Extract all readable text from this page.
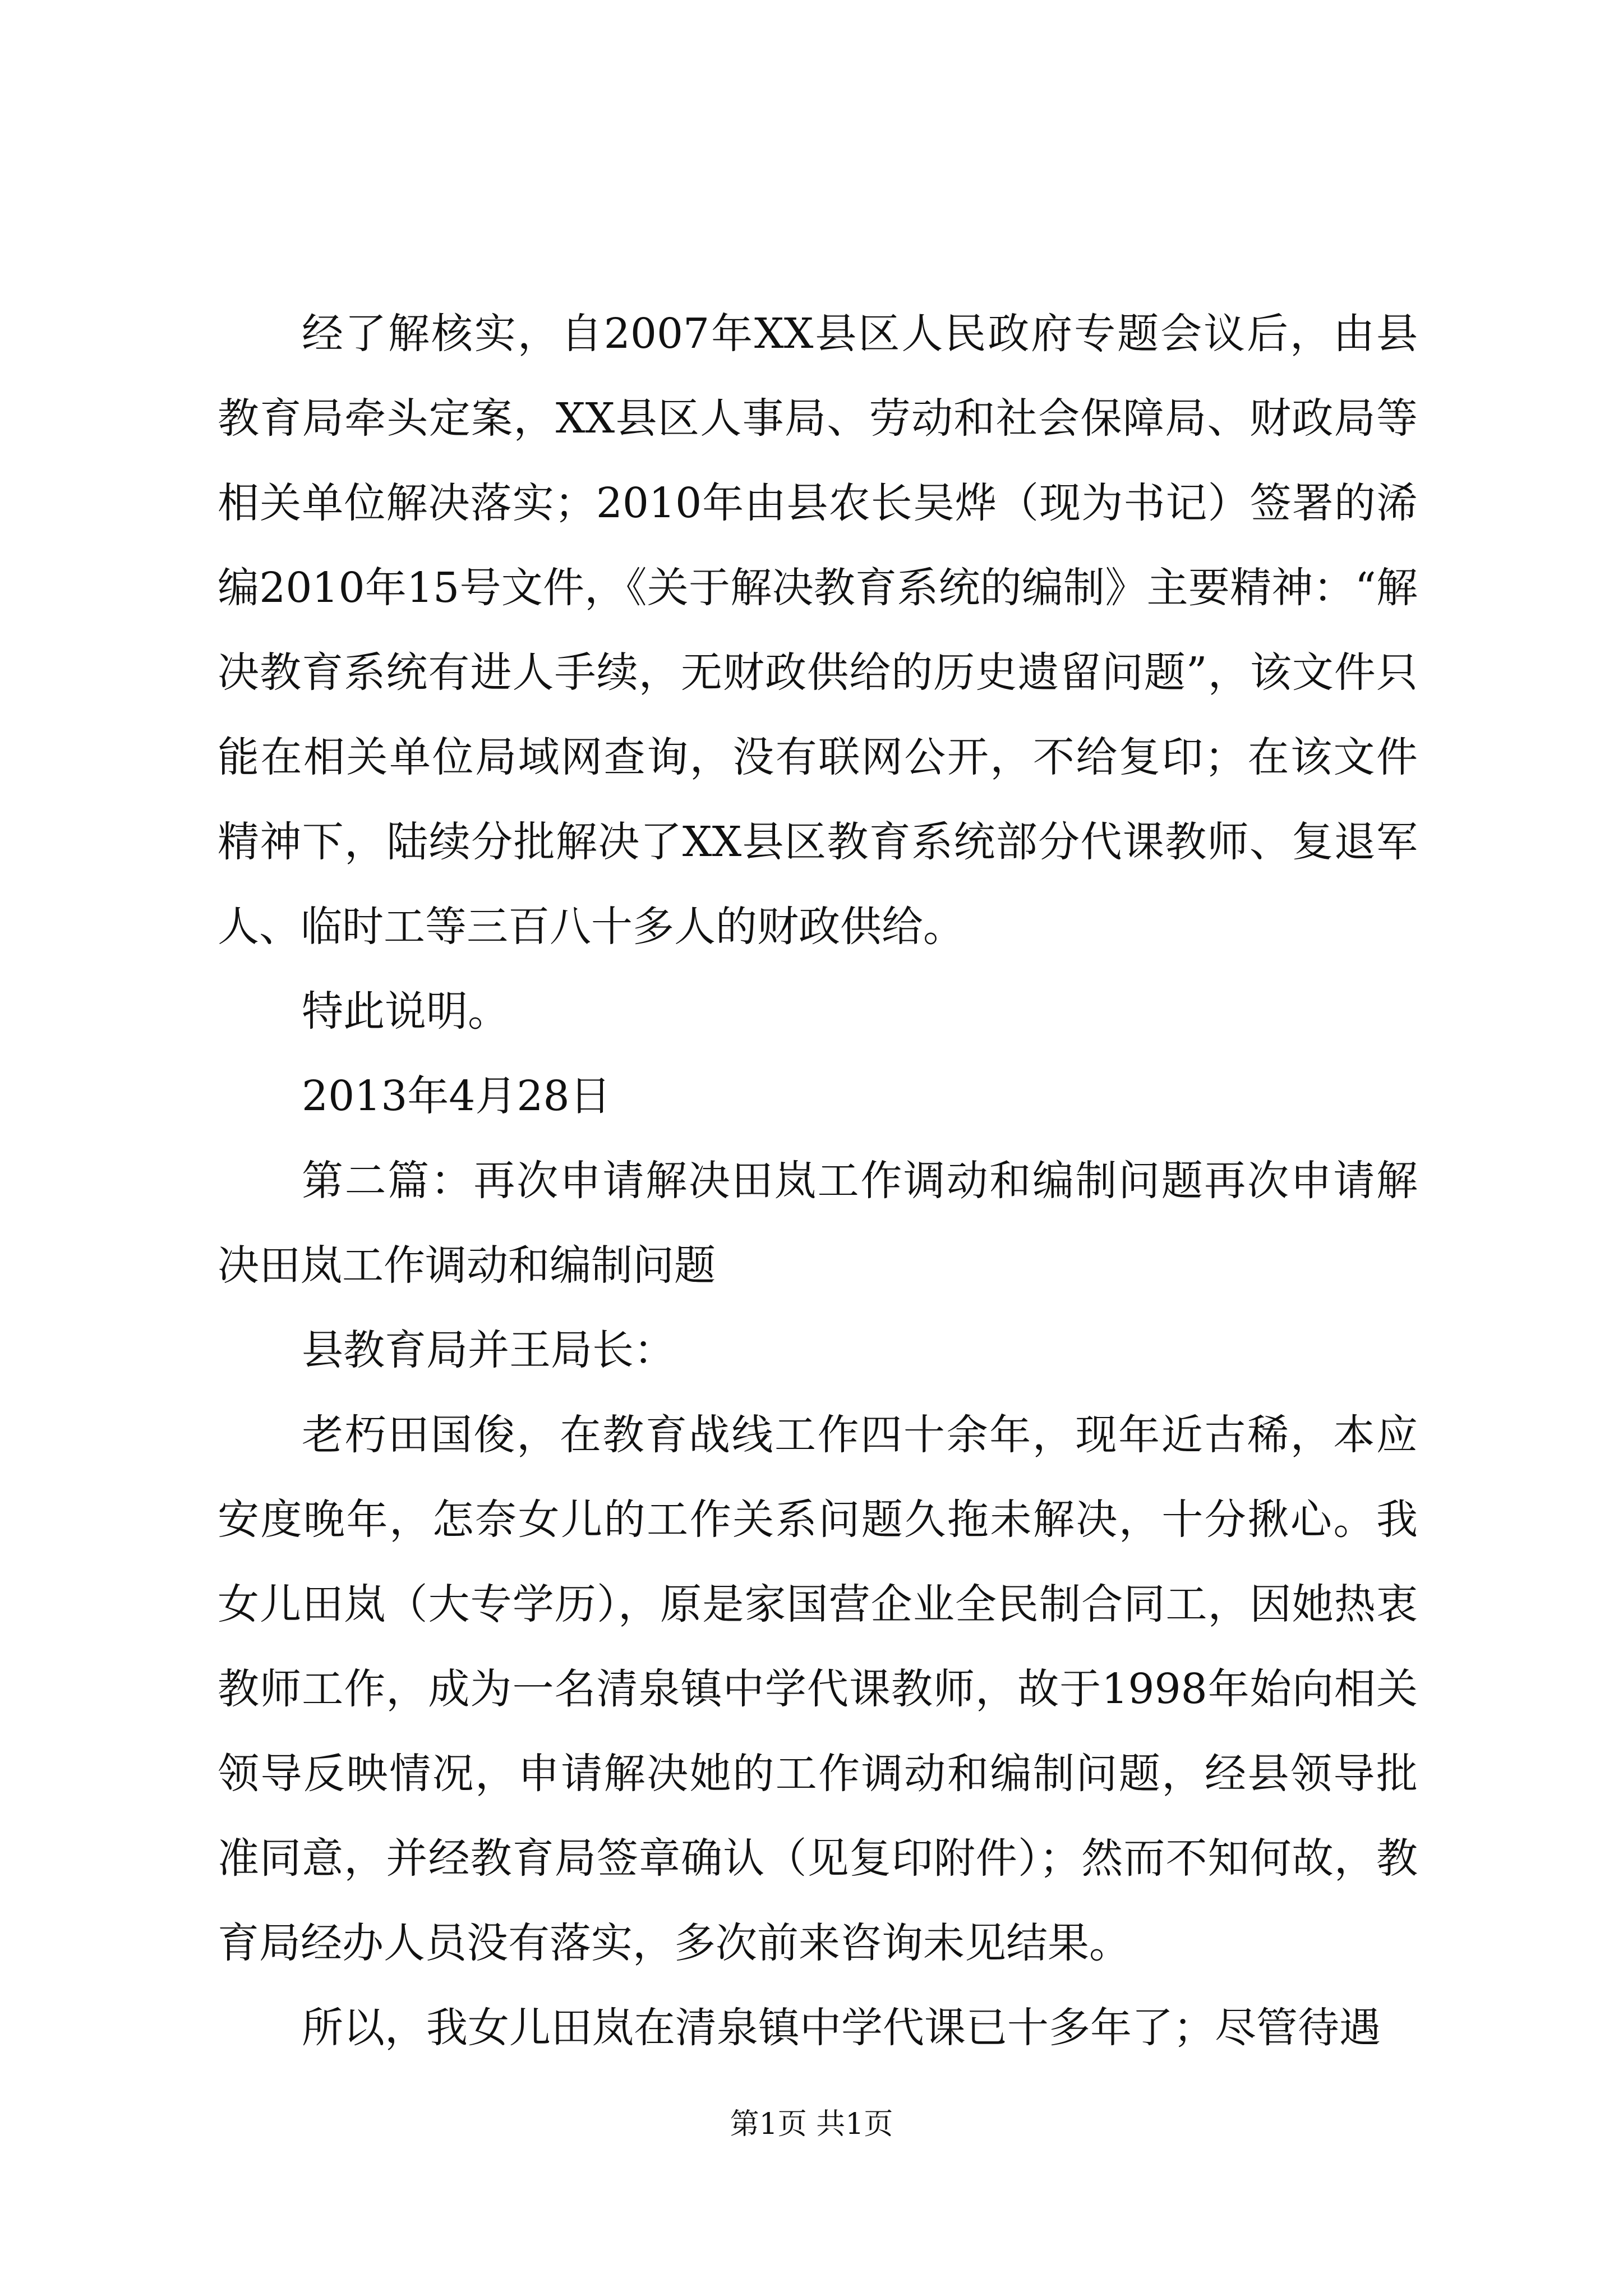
经了解核实，自2007年XX县区人民政府专题会议后，由县教育局牵头定案，XX县区人事局、劳动和社会保障局、财政局等相关单位解决落实；2010年由县农长吴烨（现为书记）签署的浠编2010年15号文件，《关于解决教育系统的编制》主要精神：“解决教育系统有进人手续，无财政供给的历史遗留问题”，该文件只能在相关单位局域网查询，没有联网公开，不给复印；在该文件精神下，陆续分批解决了XX县区教育系统部分代课教师、复退军人、临时工等三百八十多人的财政供给。

特此说明。

2013年4月28日

第二篇：再次申请解决田岚工作调动和编制问题再次申请解决田岚工作调动和编制问题

县教育局并王局长：

老朽田国俊，在教育战线工作四十余年，现年近古稀，本应安度晚年，怎奈女儿的工作关系问题久拖未解决，十分揪心。我女儿田岚（大专学历），原是家国营企业全民制合同工，因她热衷教师工作，成为一名清泉镇中学代课教师，故于1998年始向相关领导反映情况，申请解决她的工作调动和编制问题，经县领导批准同意，并经教育局签章确认（见复印附件）；然而不知何故，教育局经办人员没有落实，多次前来咨询未见结果。

所以，我女儿田岚在清泉镇中学代课已十多年了；尽管待遇

第1页 共1页
